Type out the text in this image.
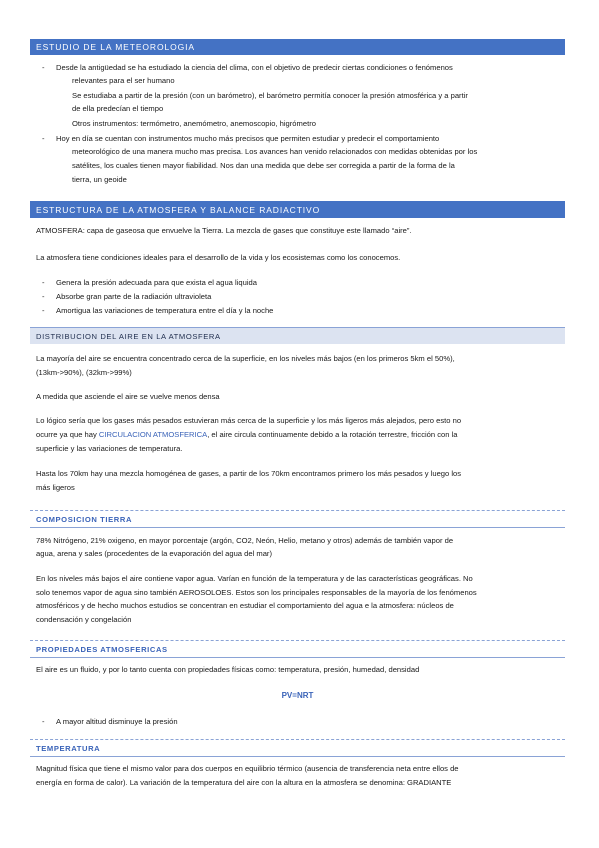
ESTUDIO DE LA METEOROLOGIA
- Desde la antigüedad se ha estudiado la ciencia del clima, con el objetivo de predecir ciertas condiciones o fenómenos
relevantes para el ser humano
Se estudiaba a partir de la presión (con un barómetro), el barómetro permitía conocer la presión atmosférica y a partir
de ella predecían el tiempo
Otros instrumentos: termómetro, anemómetro, anemoscopio, higrómetro
- Hoy en día se cuentan con instrumentos mucho más precisos que permiten estudiar y predecir el comportamiento
meteorológico de una manera mucho mas precisa. Los avances han venido relacionados con medidas obtenidas por los
satélites, los cuales tienen mayor fiabilidad. Nos dan una medida que debe ser corregida a partir de la forma de la
tierra, un geoide
ESTRUCTURA DE LA ATMOSFERA Y BALANCE RADIACTIVO
ATMOSFERA: capa de gaseosa que envuelve la Tierra. La mezcla de gases que constituye este llamado “aire”.
La atmosfera tiene condiciones ideales para el desarrollo de la vida y los ecosistemas como los conocemos.
- Genera la presión adecuada para que exista el agua liquida
- Absorbe gran parte de la radiación ultravioleta
- Amortigua las variaciones de temperatura entre el día y la noche
DISTRIBUCION DEL AIRE EN LA ATMOSFERA
La mayoría del aire se encuentra concentrado cerca de la superficie, en los niveles más bajos (en los primeros 5km el 50%),
(13km->90%), (32km->99%)
A medida que asciende el aire se vuelve menos densa
Lo lógico sería que los gases más pesados estuvieran más cerca de la superficie y los más ligeros más alejados, pero esto no
ocurre ya que hay CIRCULACION ATMOSFERICA, el aire circula continuamente debido a la rotación terrestre, fricción con la
superficie y las variaciones de temperatura.
Hasta los 70km hay una mezcla homogénea de gases, a partir de los 70km encontramos primero los más pesados y luego los
más ligeros
COMPOSICION TIERRA
78% Nitrógeno, 21% oxigeno, en mayor porcentaje (argón, CO2, Neón, Helio, metano y otros) además de también vapor de
agua, arena y sales (procedentes de la evaporación del agua del mar)
En los niveles más bajos el aire contiene vapor agua. Varían en función de la temperatura y de las características geográficas. No
solo tenemos vapor de agua sino también AEROSOLOES. Estos son los principales responsables de la mayoría de los fenómenos
atmosféricos y de hecho muchos estudios se concentran en estudiar el comportamiento del agua e la atmosfera: núcleos de
condensación y congelación
PROPIEDADES ATMOSFERICAS
El aire es un fluido, y por lo tanto cuenta con propiedades físicas como: temperatura, presión, humedad, densidad
PV=NRT
- A mayor altitud disminuye la presión
TEMPERATURA
Magnitud física que tiene el mismo valor para dos cuerpos en equilibrio térmico (ausencia de transferencia neta entre ellos de
energía en forma de calor). La variación de la temperatura del aire con la altura en la atmosfera se denomina: GRADIANTE
